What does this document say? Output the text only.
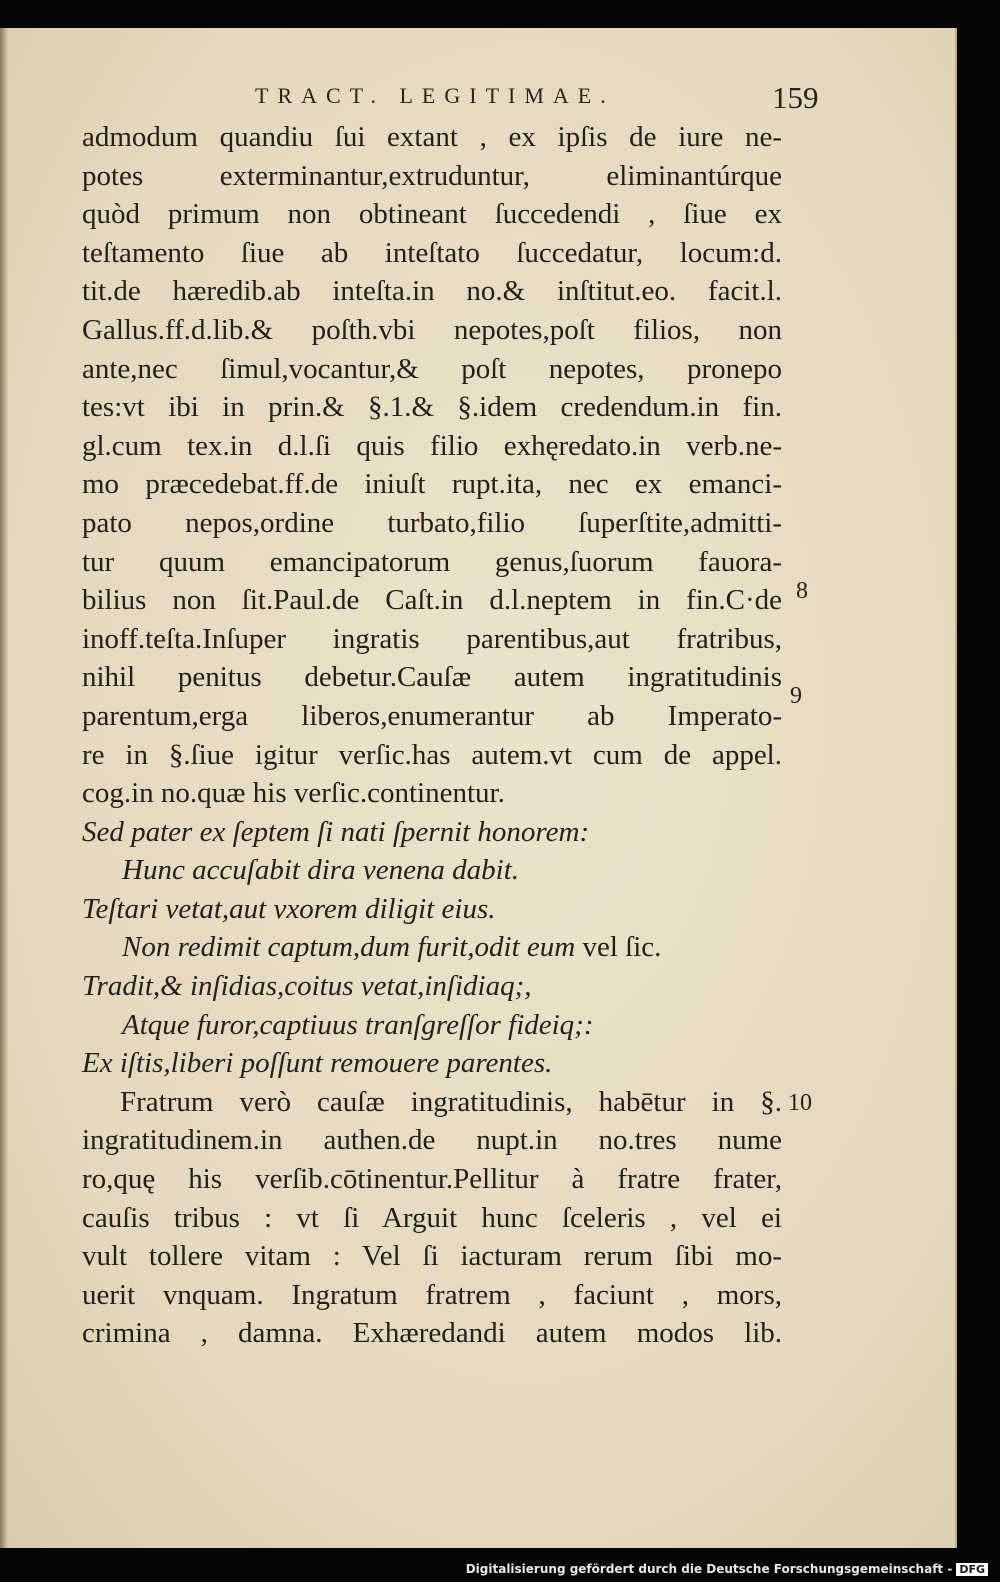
TRACT. LEGITIMAE.	159
admodum quandiu ſui extant , ex ipſis de iure ne-
potes exterminantur,extruduntur, eliminantúrque
quòd primum non obtineant ſuccedendi , ſiue ex
teſtamento ſiue ab inteſtato ſuccedatur, locum:d.
tit.de hæredib.ab inteſta.in no.& inſtitut.eo. facit.l.
Gallus.ff.d.lib.& poſth.vbi nepotes,poſt filios, non
ante,nec ſimul,vocantur,& poſt nepotes, pronepo
tes:vt ibi in prin.& §.1.& §.idem credendum.in fin.
gl.cum tex.in d.l.ſi quis filio exhęredato.in verb.ne-
mo præcedebat.ff.de iniuſt rupt.ita, nec ex emanci-
pato nepos,ordine turbato,filio ſuperſtite,admitti-
tur quum emancipatorum genus,ſuorum fauora-
bilius non ſit.Paul.de Caſt.in d.l.neptem in fin.C·de
inoff.teſta.Inſuper ingratis parentibus,aut fratribus,
nihil penitus debetur.Cauſæ autem ingratitudinis
parentum,erga liberos,enumerantur ab Imperato-
re in §.ſiue igitur verſic.has autem.vt cum de appel.
cog.in no.quæ his verſic.continentur.
Sed pater ex ſeptem ſi nati ſpernit honorem:
Hunc accuſabit dira venena dabit.
Teſtari vetat,aut vxorem diligit eius.
Non redimit captum,dum furit,odit eum vel ſic.
Tradit,& inſidias,coitus vetat,inſidiaq;,
Atque furor,captiuus tranſgreſſor fideiq;:
Ex iſtis,liberi poſſunt remouere parentes.
Fratrum verò cauſæ ingratitudinis, habētur in §.
ingratitudinem.in authen.de nupt.in no.tres nume
ro,quę his verſib.cōtinentur.Pellitur à fratre frater,
cauſis tribus : vt ſi Arguit hunc ſceleris , vel ei
vult tollere vitam : Vel ſi iacturam rerum ſibi mo-
uerit vnquam. Ingratum fratrem , faciunt , mors,
crimina , damna. Exhæredandi autem modos lib.
8
9
10
Digitalisierung gefördert durch die Deutsche Forschungsgemeinschaft - DFG
